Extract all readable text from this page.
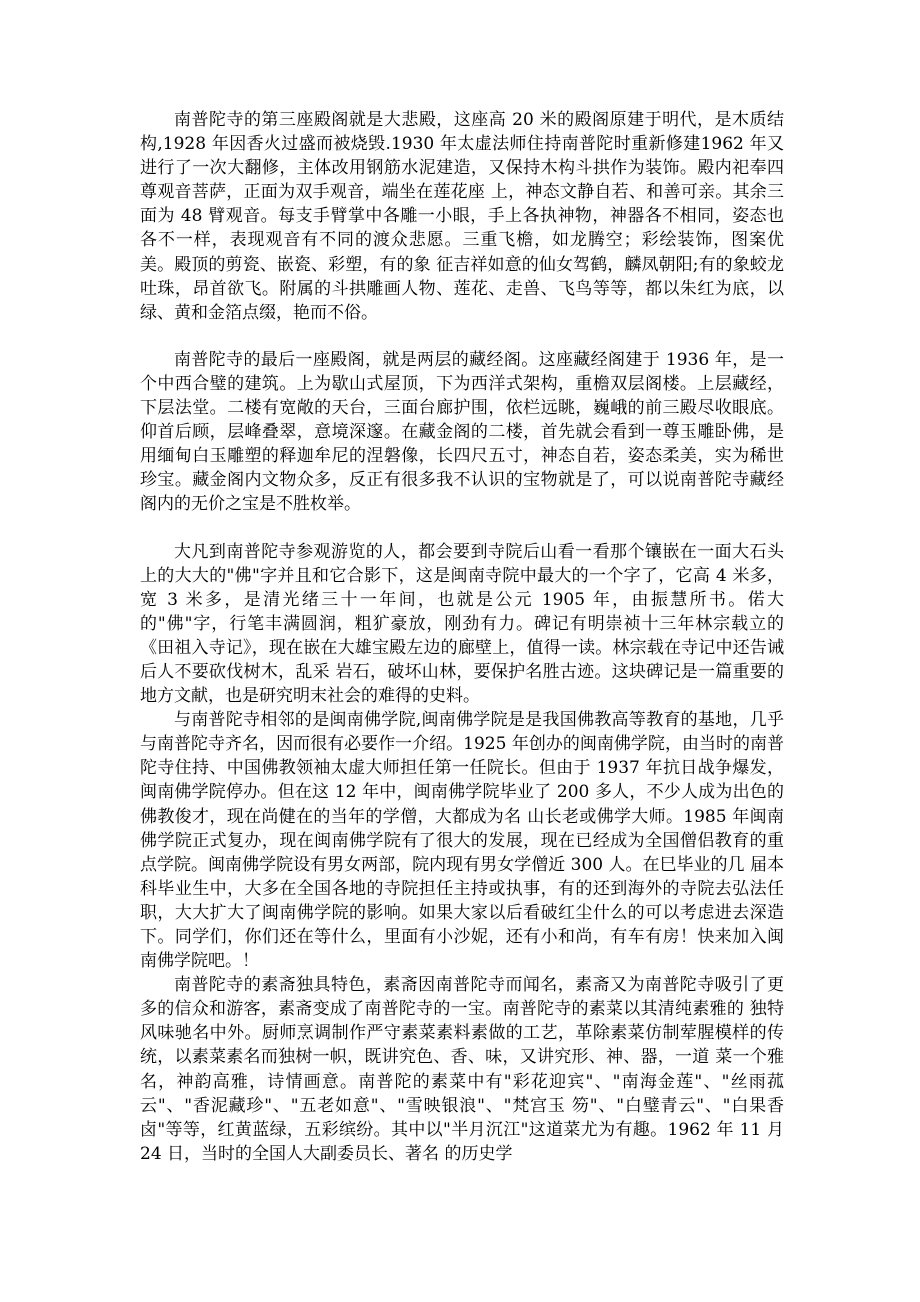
南普陀寺的第三座殿阁就是大悲殿，这座高 20 米的殿阁原建于明代，是木质结构,1928 年因香火过盛而被烧毁.1930 年太虚法师住持南普陀时重新修建1962 年又进行了一次大翻修，主体改用钢筋水泥建造，又保持木构斗拱作为装饰。殿内祀奉四尊观音菩萨，正面为双手观音，端坐在莲花座 上，神态文静自若、和善可亲。其余三面为 48 臂观音。每支手臂掌中各雕一小眼，手上各执神物，神器各不相同，姿态也各不一样，表现观音有不同的渡众悲愿。三重飞檐，如龙腾空；彩绘装饰，图案优美。殿顶的剪瓷、嵌瓷、彩塑，有的象 征吉祥如意的仙女驾鹤，麟凤朝阳;有的象蛟龙吐珠，昂首欲飞。附属的斗拱雕画人物、莲花、走兽、飞鸟等等，都以朱红为底，以绿、黄和金箔点缀，艳而不俗。

南普陀寺的最后一座殿阁，就是两层的藏经阁。这座藏经阁建于 1936 年，是一个中西合璧的建筑。上为歇山式屋顶，下为西洋式架构，重檐双层阁楼。上层藏经，下层法堂。二楼有宽敞的天台，三面台廊护围，依栏远眺，巍峨的前三殿尽收眼底。仰首后顾，层峰叠翠，意境深邃。在藏金阁的二楼，首先就会看到一尊玉雕卧佛，是用缅甸白玉雕塑的释迦牟尼的涅磐像，长四尺五寸，神态自若，姿态柔美，实为稀世珍宝。藏金阁内文物众多，反正有很多我不认识的宝物就是了，可以说南普陀寺藏经阁内的无价之宝是不胜枚举。

大凡到南普陀寺参观游览的人，都会要到寺院后山看一看那个镶嵌在一面大石头上的大大的"佛"字并且和它合影下，这是闽南寺院中最大的一个字了，它高 4 米多，宽 3 米多，是清光绪三十一年间，也就是公元 1905 年，由振慧所书。偌大的"佛"字，行笔丰满圆润，粗犷豪放，刚劲有力。碑记有明崇祯十三年林宗载立的《田祖入寺记》，现在嵌在大雄宝殿左边的廊壁上，值得一读。林宗载在寺记中还告诫后人不要砍伐树木，乱采 岩石，破坏山林，要保护名胜古迹。这块碑记是一篇重要的地方文献，也是研究明末社会的难得的史料。

与南普陀寺相邻的是闽南佛学院,闽南佛学院是是我国佛教高等教育的基地，几乎与南普陀寺齐名，因而很有必要作一介绍。1925 年创办的闽南佛学院，由当时的南普陀寺住持、中国佛教领袖太虚大师担任第一任院长。但由于 1937 年抗日战争爆发，闽南佛学院停办。但在这 12 年中，闽南佛学院毕业了 200 多人，不少人成为出色的佛教俊才，现在尚健在的当年的学僧，大都成为名 山长老或佛学大师。1985 年闽南佛学院正式复办，现在闽南佛学院有了很大的发展，现在已经成为全国僧侣教育的重点学院。闽南佛学院设有男女两部，院内现有男女学僧近 300 人。在巳毕业的几 届本科毕业生中，大多在全国各地的寺院担任主持或执事，有的还到海外的寺院去弘法任职，大大扩大了闽南佛学院的影响。如果大家以后看破红尘什么的可以考虑进去深造下。同学们，你们还在等什么，里面有小沙妮，还有小和尚，有车有房！快来加入闽南佛学院吧。！

南普陀寺的素斋独具特色，素斋因南普陀寺而闻名，素斋又为南普陀寺吸引了更多的信众和游客，素斋变成了南普陀寺的一宝。南普陀寺的素菜以其清纯素雅的 独特风味驰名中外。厨师烹调制作严守素菜素料素做的工艺，革除素菜仿制荤腥模样的传统，以素菜素名而独树一帜，既讲究色、香、味，又讲究形、神、器，一道 菜一个雅名，神韵高雅，诗情画意。南普陀的素菜中有"彩花迎宾"、"南海金莲"、"丝雨菰云"、"香泥藏珍"、"五老如意"、"雪映银浪"、"梵宫玉 笏"、"白璧青云"、"白果香卤"等等，红黄蓝绿，五彩缤纷。其中以"半月沉江"这道菜尤为有趣。1962 年 11 月 24 日，当时的全国人大副委员长、著名 的历史学
